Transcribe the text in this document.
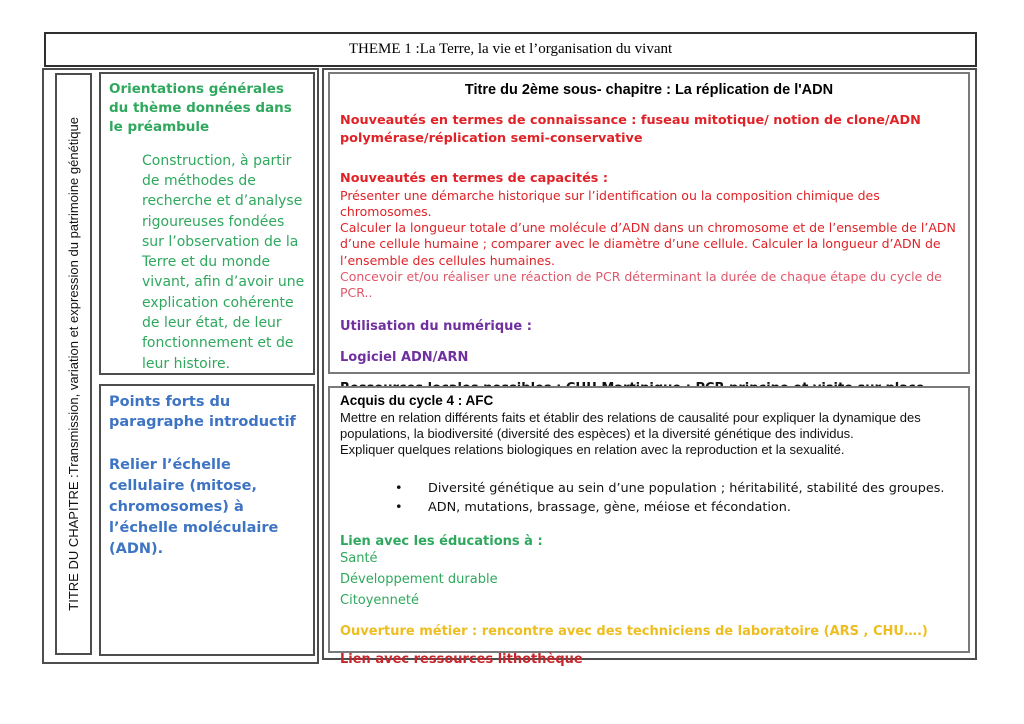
THEME 1 :La Terre, la vie et l’organisation du vivant
TITRE DU CHAPITRE :Transmission, variation et expression du patrimoine génétique
Orientations générales du thème données dans le préambule
Construction, à partir de méthodes de recherche et d’analyse rigoureuses fondées sur l’observation de la Terre et du monde vivant, afin d’avoir une explication cohérente de leur état, de leur fonctionnement et de leur histoire.
Points forts du paragraphe introductif
Relier l’échelle cellulaire (mitose, chromosomes) à l’échelle moléculaire (ADN).
Titre du 2ème sous- chapitre : La réplication de l'ADN
Nouveautés en termes de connaissance : fuseau mitotique/ notion de clone/ADN polymérase/réplication semi-conservative
Nouveautés en termes de capacités :
Présenter une démarche historique sur l’identification ou la composition chimique des chromosomes.
Calculer la longueur totale d’une molécule d’ADN dans un chromosome et de l’ensemble de l’ADN d’une cellule humaine ; comparer avec le diamètre d’une cellule. Calculer la longueur d’ADN de l’ensemble des cellules humaines.
Concevoir et/ou réaliser une réaction de PCR déterminant la durée de chaque étape du cycle de PCR..
Utilisation du numérique :
Logiciel ADN/ARN
Acquis du cycle 4 : AFC
Mettre en relation différents faits et établir des relations de causalité pour expliquer la dynamique des populations, la biodiversité (diversité des espèces) et la diversité génétique des individus.
Expliquer quelques relations biologiques en relation avec la reproduction et la sexualité.
• Diversité génétique au sein d’une population ; héritabilité, stabilité des groupes.
• ADN, mutations, brassage, gène, méiose et fécondation.
Lien avec les éducations à :
Santé
Développement durable
Citoyenneté
Ouverture métier : rencontre avec des techniciens de laboratoire (ARS , CHU….)
Lien avec ressources lithothèque
